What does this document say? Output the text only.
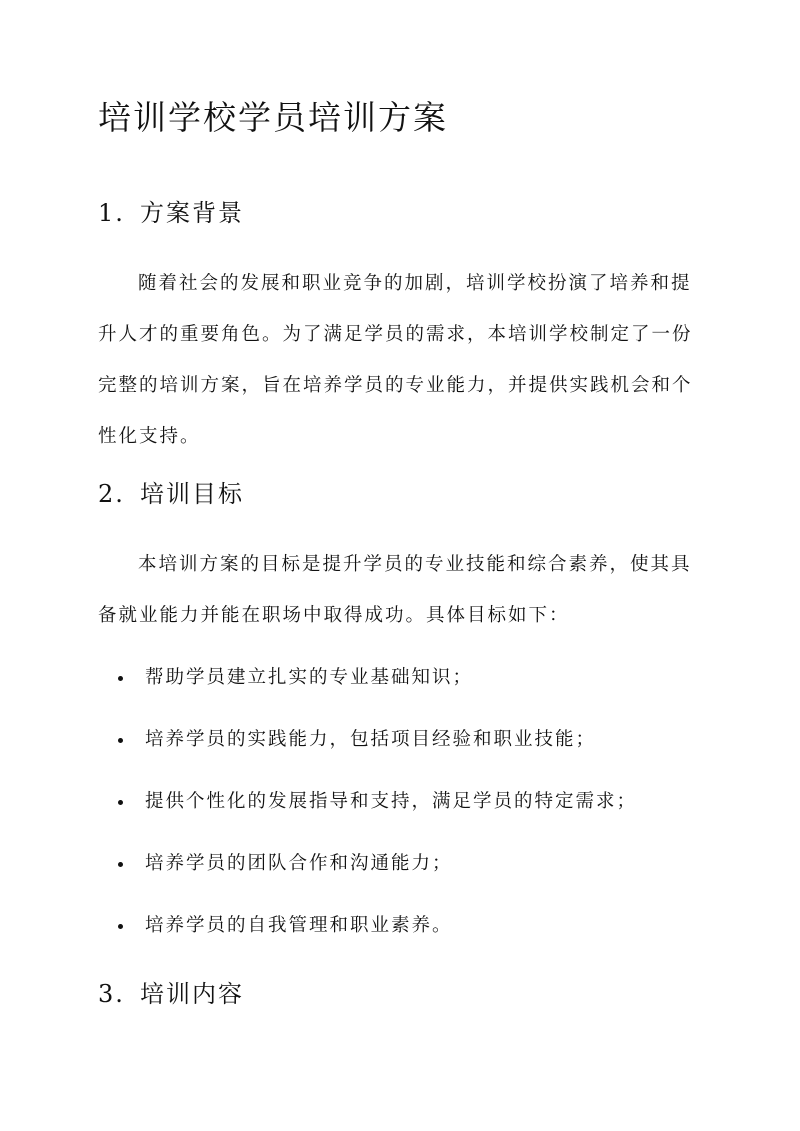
培训学校学员培训方案
1. 方案背景
随着社会的发展和职业竞争的加剧，培训学校扮演了培养和提
升人才的重要角色。为了满足学员的需求，本培训学校制定了一份
完整的培训方案，旨在培养学员的专业能力，并提供实践机会和个
性化支持。
2. 培训目标
本培训方案的目标是提升学员的专业技能和综合素养，使其具
备就业能力并能在职场中取得成功。具体目标如下：
帮助学员建立扎实的专业基础知识；
培养学员的实践能力，包括项目经验和职业技能；
提供个性化的发展指导和支持，满足学员的特定需求；
培养学员的团队合作和沟通能力；
培养学员的自我管理和职业素养。
3. 培训内容
